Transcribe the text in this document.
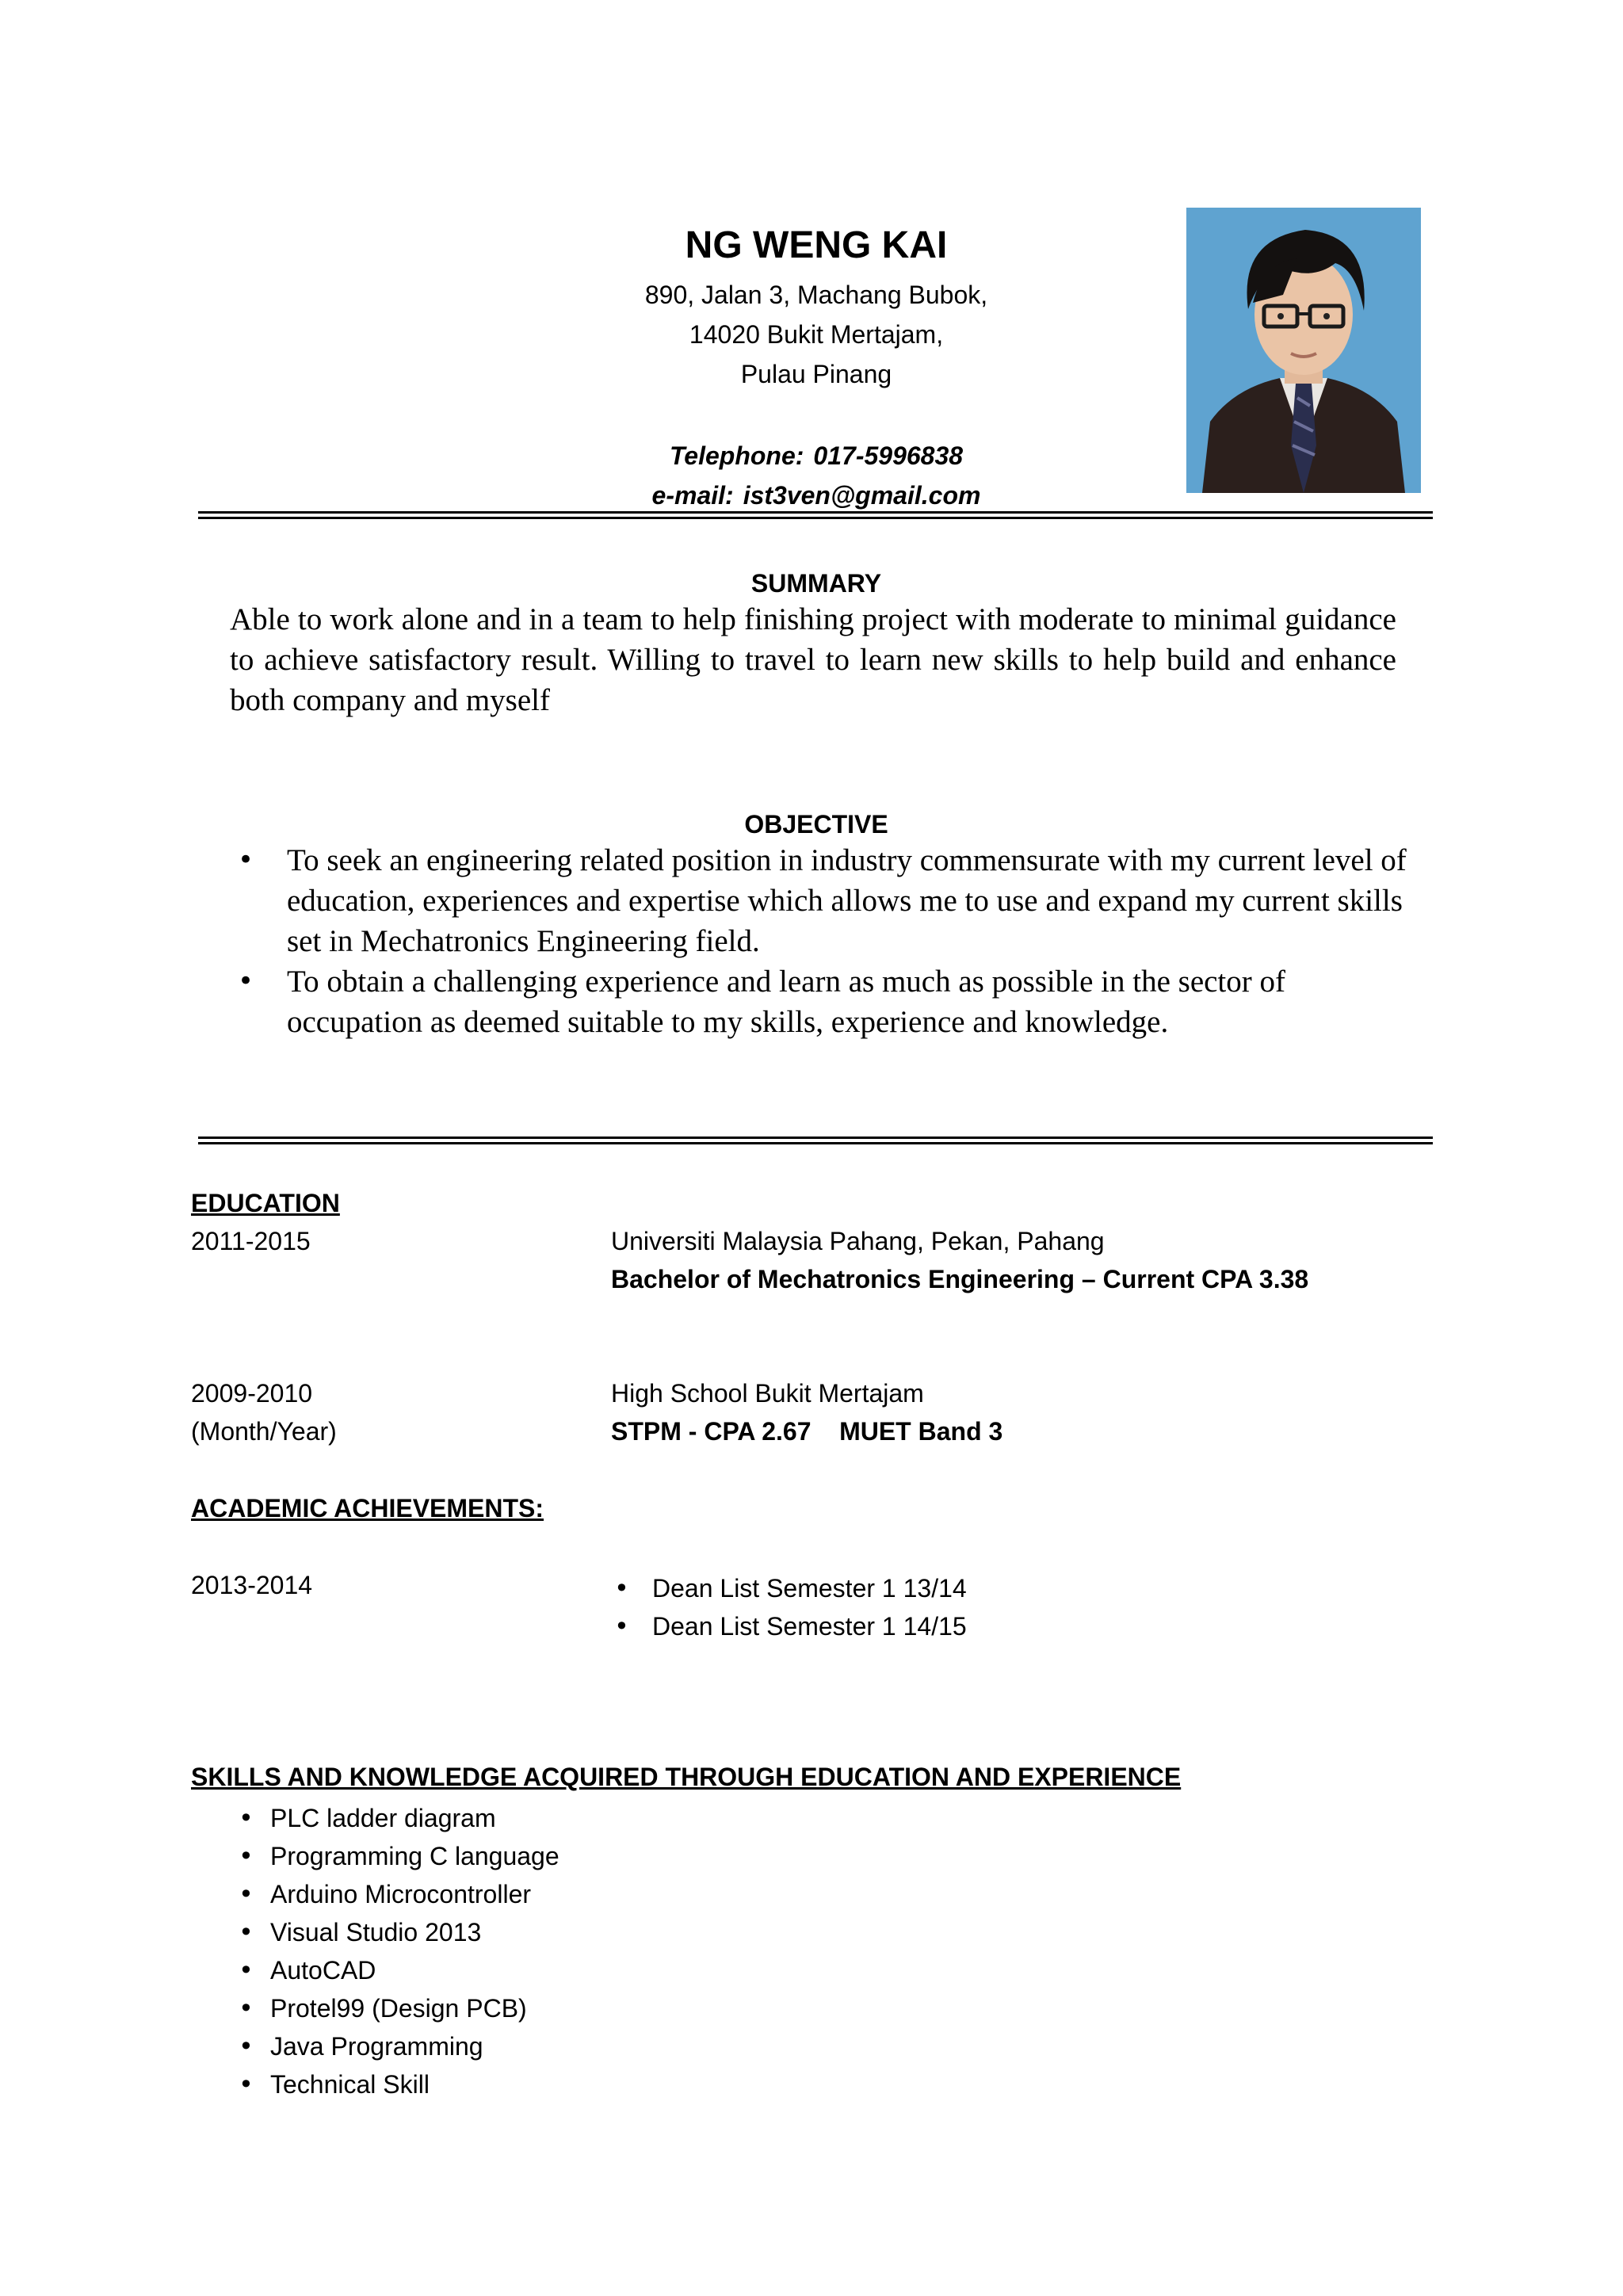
NG WENG KAI
890, Jalan 3, Machang Bubok,
14020 Bukit Mertajam,
Pulau Pinang
Telephone: 017-5996838
e-mail: ist3ven@gmail.com
SUMMARY
Able to work alone and in a team to help finishing project with moderate to minimal guidance to achieve satisfactory result. Willing to travel to learn new skills to help build and enhance both company and myself
OBJECTIVE
• To seek an engineering related position in industry commensurate with my current level of education, experiences and expertise which allows me to use and expand my current skills set in Mechatronics Engineering field.
• To obtain a challenging experience and learn as much as possible in the sector of occupation as deemed suitable to my skills, experience and knowledge.
EDUCATION
2011-2015	Universiti Malaysia Pahang, Pekan, Pahang
Bachelor of Mechatronics Engineering – Current CPA 3.38
2009-2010
(Month/Year)
High School Bukit Mertajam
STPM - CPA 2.67    MUET Band 3
ACADEMIC ACHIEVEMENTS:
2013-2014
•	Dean List Semester 1 13/14
• Dean List Semester 1 14/15
SKILLS AND KNOWLEDGE ACQUIRED THROUGH EDUCATION AND EXPERIENCE
• PLC ladder diagram
• Programming C language
• Arduino Microcontroller
• Visual Studio 2013
• AutoCAD
• Protel99 (Design PCB)
• Java Programming
• Technical Skill
